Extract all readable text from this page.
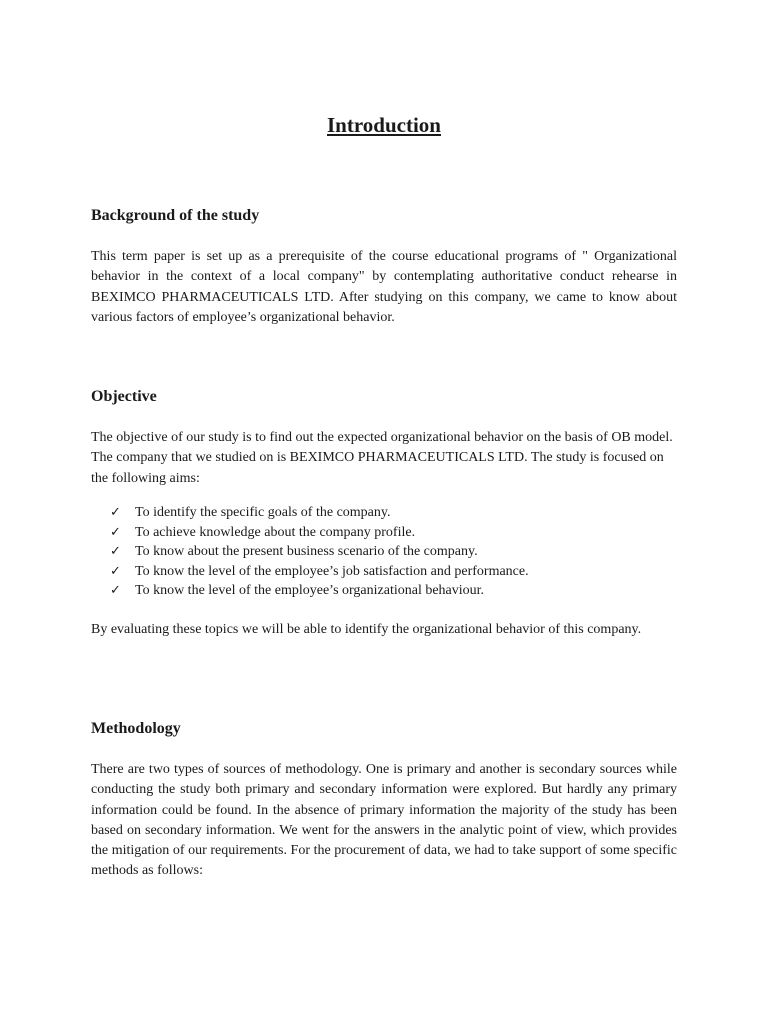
Introduction
Background of the study
This term paper is set up as a prerequisite of the course educational programs of " Organizational behavior in the context of a local company" by contemplating authoritative conduct rehearse in BEXIMCO PHARMACEUTICALS LTD. After studying on this company, we came to know about various factors of employee’s organizational behavior.
Objective
The objective of our study is to find out the expected organizational behavior on the basis of OB model. The company that we studied on is BEXIMCO PHARMACEUTICALS LTD. The study is focused on the following aims:
✓ To identify the specific goals of the company.
✓ To achieve knowledge about the company profile.
✓ To know about the present business scenario of the company.
✓ To know the level of the employee’s job satisfaction and performance.
✓ To know the level of the employee’s organizational behaviour.
By evaluating these topics we will be able to identify the organizational behavior of this company.
Methodology
There are two types of sources of methodology. One is primary and another is secondary sources while conducting the study both primary and secondary information were explored. But hardly any primary information could be found. In the absence of primary information the majority of the study has been based on secondary information. We went for the answers in the analytic point of view, which provides the mitigation of our requirements. For the procurement of data, we had to take support of some specific methods as follows:
